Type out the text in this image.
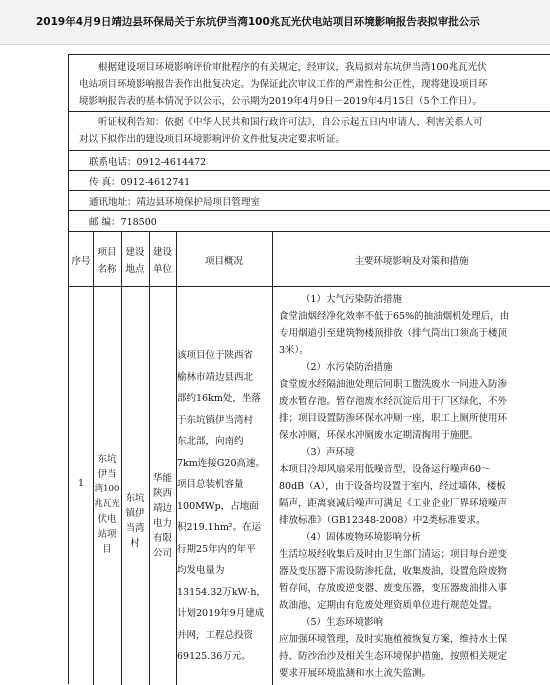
2019年4月9日靖边县环保局关于东坑伊当湾100兆瓦光伏电站项目环境影响报告表拟审批公示
根据建设项目环境影响评价审批程序的有关规定，经审议，我局拟对东坑伊当湾100兆瓦光伏
电站项目环境影响报告表作出批复决定。为保证此次审议工作的严肃性和公正性，现将建设项目环
境影响报告表的基本情况予以公示，公示期为2019年4月9日－2019年4月15日（5个工作日）。
听证权利告知：依据《中华人民共和国行政许可法》，自公示起五日内申请人、利害关系人可
对以下拟作出的建设项目环境影响评价文件批复决定要求听证。
联系电话：0912-4614472
传 真：0912-4612741
通讯地址：靖边县环境保护局项目管理室
邮 编：718500
序号
项目
名称
建设
地点
建设
单位
项目概况	主要环境影响及对策和措施
1
东坑
伊当
湾100
兆瓦光
伏电
站项
目
东坑
镇伊
当湾
村
华能
陕西
靖边
电力
有限
公司
该项目位于陕西省
榆林市靖边县西北
部约16km处，坐落
于东坑镇伊当湾村
东北部，向南约
7km连接G20高速。
项目总装机容量
100MWp，占地面
积219.1hm²。在运
行期25年内的年平
均发电量为
13154.32万kW·h，
计划2019年9月建成
并网，工程总投资
69125.36万元。
（1）大气污染防治措施
食堂油烟经净化效率不低于65%的抽油烟机处理后，由
专用烟道引至建筑物楼顶排放（排气筒出口须高于楼顶
3米）。
（2）水污染防治措施
食堂废水经隔油池处理后同职工盥洗废水一同进入防渗
废水暂存池。暂存池废水经沉淀后用于厂区绿化，不外
排；项目设置防渗环保水冲厕一座，职工上厕所使用环
保水冲厕，环保水冲厕废水定期清掏用于施肥。
（3）声环境
本项目冷却风扇采用低噪音型，设备运行噪声60～
80dB（A），由于设备均设置于室内，经过墙体、楼板
隔声，距离衰减后噪声可满足《工业企业厂界环境噪声
排放标准》（GB12348-2008）中2类标准要求。
（4）固体废物环境影响分析
生活垃圾经收集后及时由卫生部门清运；项目每台逆变
器及变压器下需设防渗托盘，收集废油，设置危险废物
暂存间，存放废逆变器、废变压器，变压器废油排入事
故油池，定期由有危废处理资质单位进行规范处置。
（5）生态环境影响
应加强环境管理，及时实施植被恢复方案，维持水土保
持、防沙治沙及相关生态环境保护措施，按照相关规定
要求开展环境监测和水土流失监测。
